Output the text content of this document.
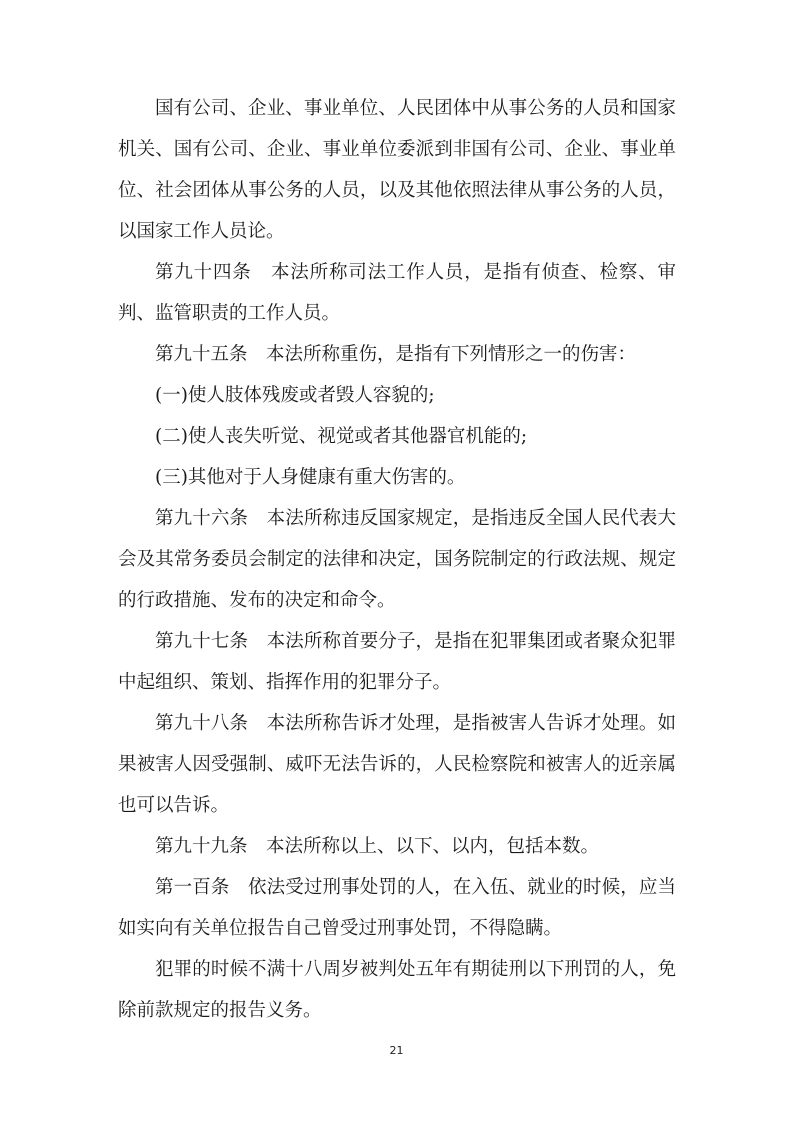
国有公司、企业、事业单位、人民团体中从事公务的人员和国家机关、国有公司、企业、事业单位委派到非国有公司、企业、事业单位、社会团体从事公务的人员，以及其他依照法律从事公务的人员，以国家工作人员论。

第九十四条　本法所称司法工作人员，是指有侦查、检察、审判、监管职责的工作人员。

第九十五条　本法所称重伤，是指有下列情形之一的伤害：

(一)使人肢体残废或者毁人容貌的;

(二)使人丧失听觉、视觉或者其他器官机能的;

(三)其他对于人身健康有重大伤害的。

第九十六条　本法所称违反国家规定，是指违反全国人民代表大会及其常务委员会制定的法律和决定，国务院制定的行政法规、规定的行政措施、发布的决定和命令。

第九十七条　本法所称首要分子，是指在犯罪集团或者聚众犯罪中起组织、策划、指挥作用的犯罪分子。

第九十八条　本法所称告诉才处理，是指被害人告诉才处理。如果被害人因受强制、威吓无法告诉的，人民检察院和被害人的近亲属也可以告诉。

第九十九条　本法所称以上、以下、以内，包括本数。

第一百条　依法受过刑事处罚的人，在入伍、就业的时候，应当如实向有关单位报告自己曾受过刑事处罚，不得隐瞒。

犯罪的时候不满十八周岁被判处五年有期徒刑以下刑罚的人，免除前款规定的报告义务。

21
